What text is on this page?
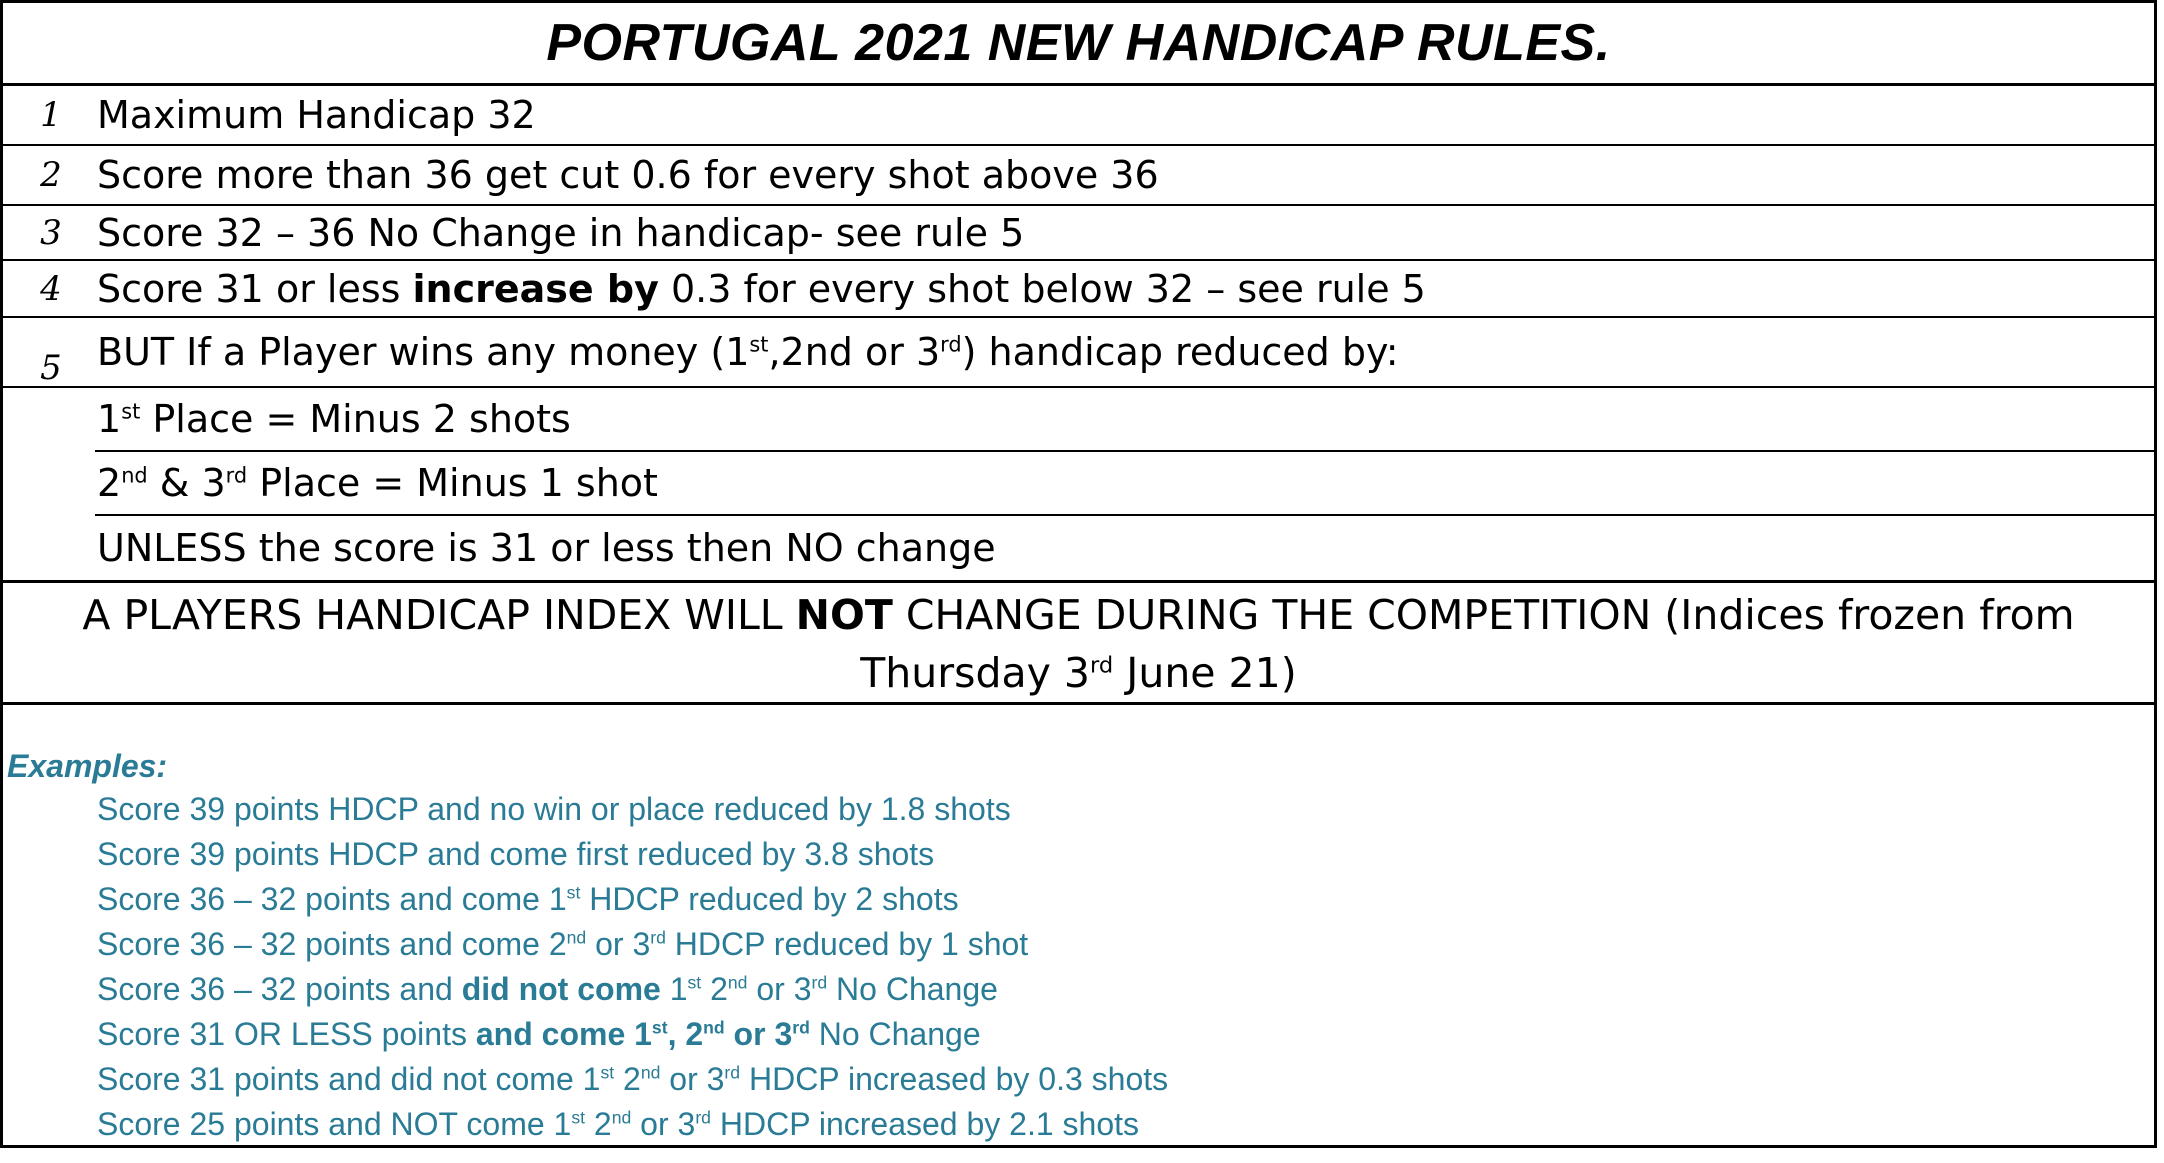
PORTUGAL 2021 NEW HANDICAP RULES.
1 Maximum Handicap 32
2 Score more than 36 get cut 0.6 for every shot above 36
3 Score 32 – 36 No Change in handicap- see rule 5
4 Score 31 or less increase by 0.3 for every shot below 32 – see rule 5
5 BUT If a Player wins any money (1st,2nd or 3rd) handicap reduced by:
1st Place = Minus 2 shots
2nd & 3rd Place = Minus 1 shot
UNLESS the score is 31 or less then NO change
A PLAYERS HANDICAP INDEX WILL NOT CHANGE DURING THE COMPETITION (Indices frozen from
Thursday 3rd June 21)
Examples:
Score 39 points HDCP and no win or place reduced by 1.8 shots
Score 39 points HDCP and come first reduced by 3.8 shots
Score 36 – 32 points and come 1st HDCP reduced by 2 shots
Score 36 – 32 points and come 2nd or 3rd HDCP reduced by 1 shot
Score 36 – 32 points and did not come 1st 2nd or 3rd No Change
Score 31 OR LESS points and come 1st, 2nd or 3rd No Change
Score 31 points and did not come 1st 2nd or 3rd HDCP increased by 0.3 shots
Score 25 points and NOT come 1st 2nd or 3rd HDCP increased by 2.1 shots
